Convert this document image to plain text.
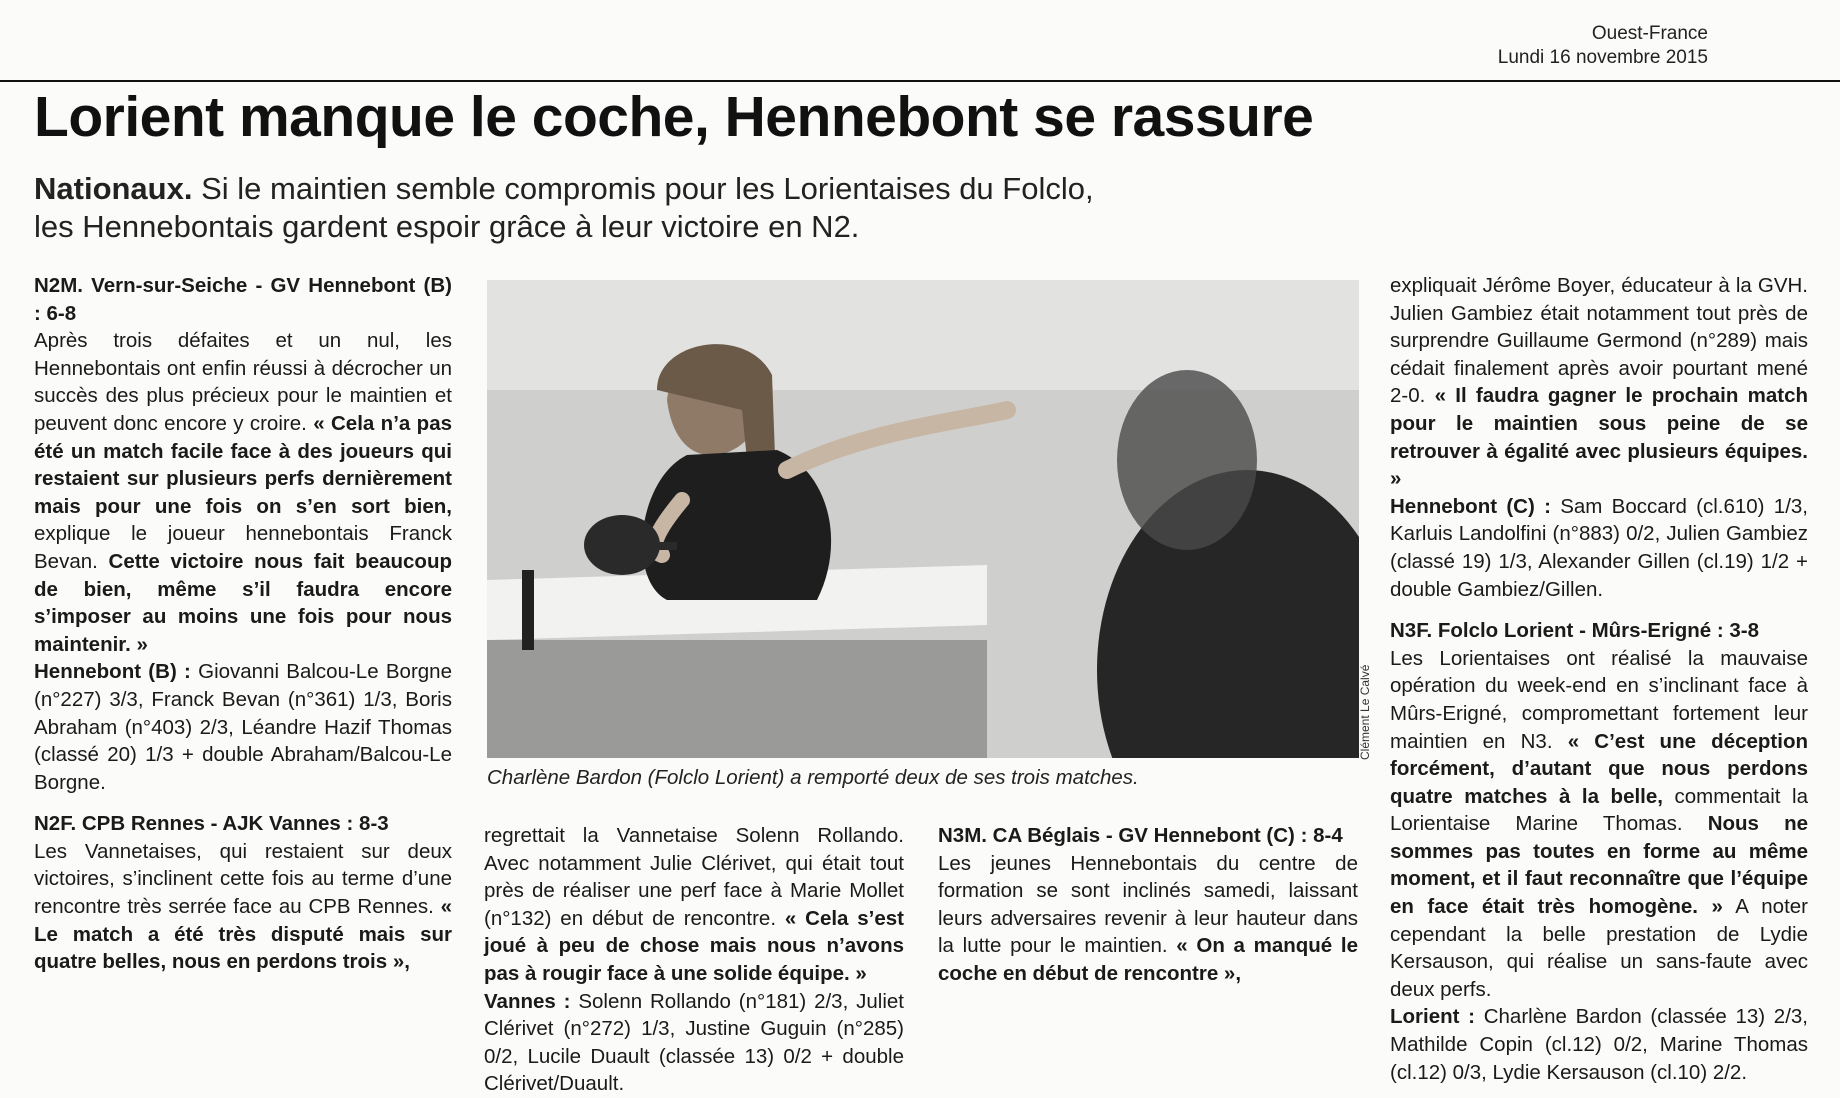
Ouest-France
Lundi 16 novembre 2015
Lorient manque le coche, Hennebont se rassure
Nationaux. Si le maintien semble compromis pour les Lorientaises du Folclo, les Hennebontais gardent espoir grâce à leur victoire en N2.

N2M. Vern-sur-Seiche - GV Hennebont (B) : 6-8

Après trois défaites et un nul, les Hennebontais ont enfin réussi à décrocher un succès des plus précieux pour le maintien et peuvent donc encore y croire. « Cela n’a pas été un match facile face à des joueurs qui restaient sur plusieurs perfs dernièrement mais pour une fois on s’en sort bien, explique le joueur hennebontais Franck Bevan. Cette victoire nous fait beaucoup de bien, même s’il faudra encore s’imposer au moins une fois pour nous maintenir. »

Hennebont (B) : Giovanni Balcou-Le Borgne (n°227) 3/3, Franck Bevan (n°361) 1/3, Boris Abraham (n°403) 2/3, Léandre Hazif Thomas (classé 20) 1/3 + double Abraham/Balcou-Le Borgne.

N2F. CPB Rennes - AJK Vannes : 8-3

Les Vannetaises, qui restaient sur deux victoires, s’inclinent cette fois au terme d’une rencontre très serrée face au CPB Rennes. « Le match a été très disputé mais sur quatre belles, nous en perdons trois »,

Clément Le Calvé
Charlène Bardon (Folclo Lorient) a remporté deux de ses trois matches.

regrettait la Vannetaise Solenn Rollando. Avec notamment Julie Clérivet, qui était tout près de réaliser une perf face à Marie Mollet (n°132) en début de rencontre. « Cela s’est joué à peu de chose mais nous n’avons pas à rougir face à une solide équipe. »

Vannes : Solenn Rollando (n°181) 2/3, Juliet Clérivet (n°272) 1/3, Justine Guguin (n°285) 0/2, Lucile Duault (classée 13) 0/2 + double Clérivet/Duault.

N3M. CA Béglais - GV Hennebont (C) : 8-4

Les jeunes Hennebontais du centre de formation se sont inclinés samedi, laissant leurs adversaires revenir à leur hauteur dans la lutte pour le maintien. « On a manqué le coche en début de rencontre »,

expliquait Jérôme Boyer, éducateur à la GVH. Julien Gambiez était notamment tout près de surprendre Guillaume Germond (n°289) mais cédait finalement après avoir pourtant mené 2-0. « Il faudra gagner le prochain match pour le maintien sous peine de se retrouver à égalité avec plusieurs équipes. »

Hennebont (C) : Sam Boccard (cl.610) 1/3, Karluis Landolfini (n°883) 0/2, Julien Gambiez (classé 19) 1/3, Alexander Gillen (cl.19) 1/2 + double Gambiez/Gillen.

N3F. Folclo Lorient - Mûrs-Erigné : 3-8

Les Lorientaises ont réalisé la mauvaise opération du week-end en s’inclinant face à Mûrs-Erigné, compromettant fortement leur maintien en N3. « C’est une déception forcément, d’autant que nous perdons quatre matches à la belle, commentait la Lorientaise Marine Thomas. Nous ne sommes pas toutes en forme au même moment, et il faut reconnaître que l’équipe en face était très homogène. » A noter cependant la belle prestation de Lydie Kersauson, qui réalise un sans-faute avec deux perfs.

Lorient : Charlène Bardon (classée 13) 2/3, Mathilde Copin (cl.12) 0/2, Marine Thomas (cl.12) 0/3, Lydie Kersauson (cl.10) 2/2.
